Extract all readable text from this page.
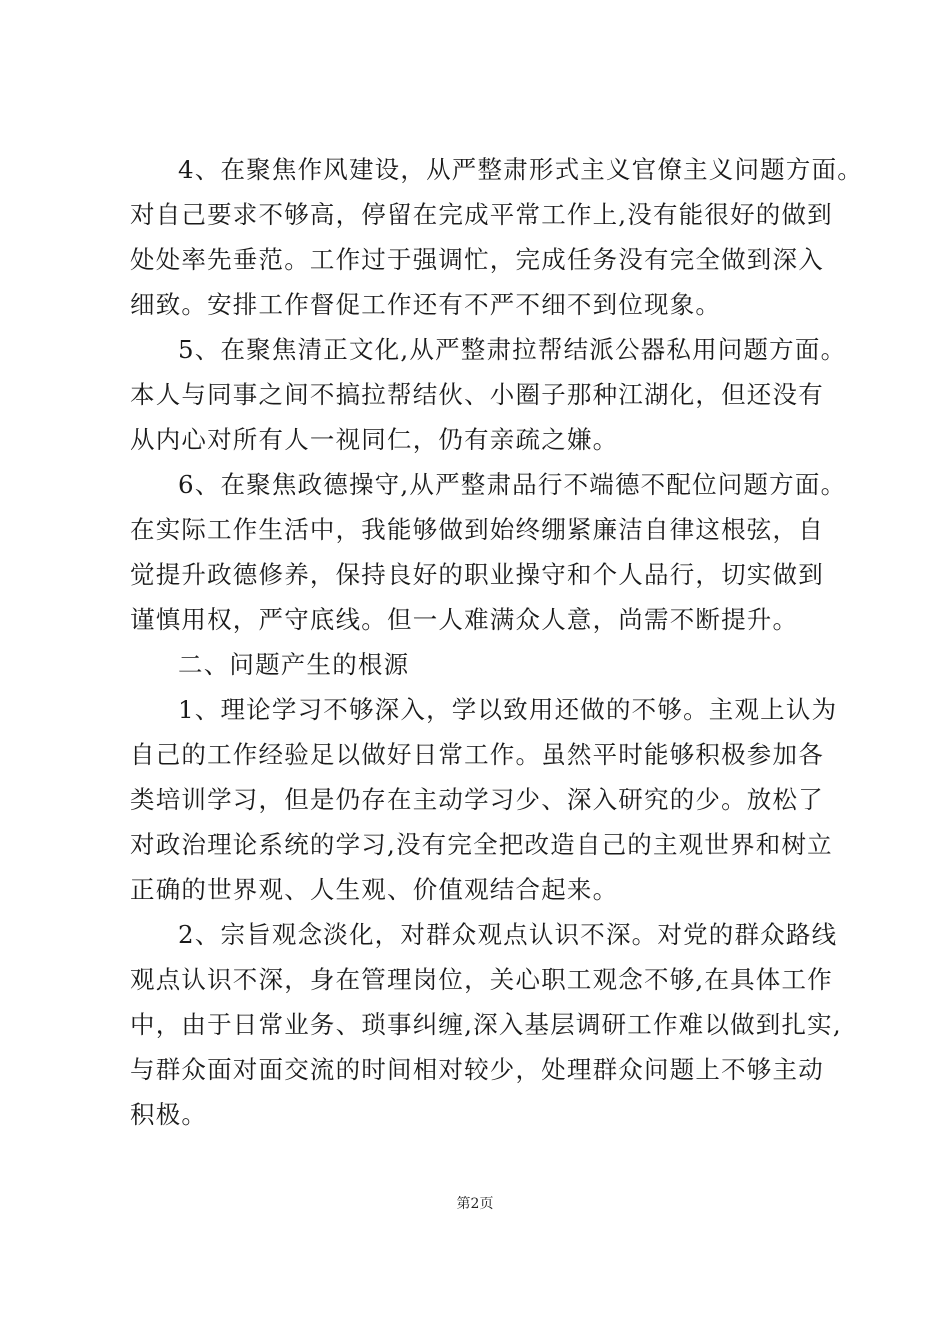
4、在聚焦作风建设，从严整肃形式主义官僚主义问题方面。
对自己要求不够高，停留在完成平常工作上,没有能很好的做到
处处率先垂范。工作过于强调忙，完成任务没有完全做到深入
细致。安排工作督促工作还有不严不细不到位现象。
5、在聚焦清正文化,从严整肃拉帮结派公器私用问题方面。
本人与同事之间不搞拉帮结伙、小圈子那种江湖化，但还没有
从内心对所有人一视同仁，仍有亲疏之嫌。
6、在聚焦政德操守,从严整肃品行不端德不配位问题方面。
在实际工作生活中，我能够做到始终绷紧廉洁自律这根弦，自
觉提升政德修养，保持良好的职业操守和个人品行，切实做到
谨慎用权，严守底线。但一人难满众人意，尚需不断提升。
二、问题产生的根源
1、理论学习不够深入，学以致用还做的不够。主观上认为
自己的工作经验足以做好日常工作。虽然平时能够积极参加各
类培训学习，但是仍存在主动学习少、深入研究的少。放松了
对政治理论系统的学习,没有完全把改造自己的主观世界和树立
正确的世界观、人生观、价值观结合起来。
2、宗旨观念淡化，对群众观点认识不深。对党的群众路线
观点认识不深，身在管理岗位，关心职工观念不够,在具体工作
中，由于日常业务、琐事纠缠,深入基层调研工作难以做到扎实,
与群众面对面交流的时间相对较少，处理群众问题上不够主动
积极。
第2页
